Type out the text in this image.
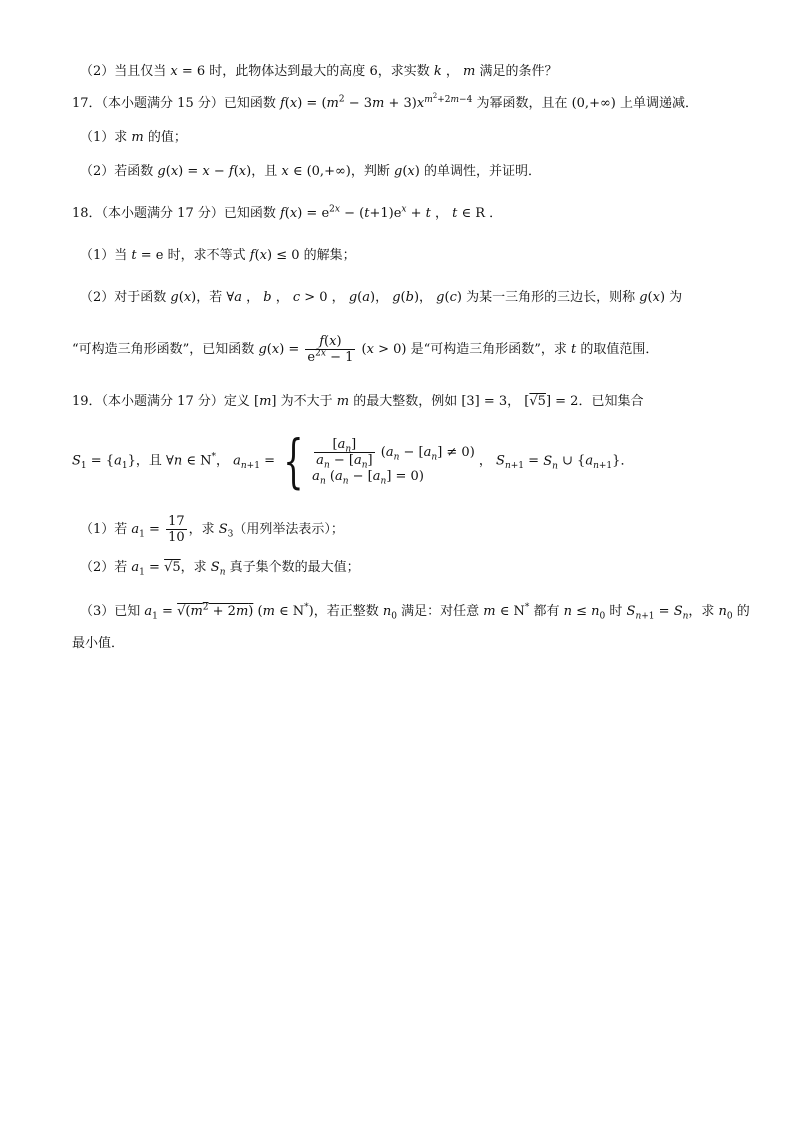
（2）当且仅当 x = 6 时，此物体达到最大的高度 6，求实数 k ， m 满足的条件？
17．（本小题满分 15 分）已知函数 $f(x) = (m^2 - 3m + 3)x^{m^2+2m-4}$ 为幂函数，且在 (0,+∞) 上单调递减．
（1）求 m 的值；
（2）若函数 g(x) = x − f(x)，且 x ∈ (0,+∞)，判断 g(x) 的单调性，并证明．
18．（本小题满分 17 分）已知函数 $f(x) = e^{2x} - (t+1)e^x + t$ ， t ∈ R ．
（1）当 t = e 时，求不等式 f(x) ≤ 0 的解集；
（2）对于函数 g(x)，若 ∀a ， b ， c > 0 ， g(a)， g(b)， g(c) 为某一三角形的三边长，则称 g(x) 为
“可构造三角形函数”，已知函数 $g(x) = \frac{f(x)}{e^{2x} - 1} (x > 0)$ 是“可构造三角形函数”，求 t 的取值范围．
19．（本小题满分 17 分）定义 [m] 为不大于 m 的最大整数，例如 [3] = 3， [√5] = 2．已知集合
$S_1 = \{a_1\}$，且 ∀n ∈ N*， $a_{n+1}$ = { $\frac{[a_n]}{a_n - [a_n]} (a_n - [a_n] \ne 0)$
$a_n$ $(a_n - [a_n] = 0)$
， $S_{n+1} = S_n$ ∪ $\{a_{n+1}\}$．
（1）若 $a_1 = \frac{17}{10}$ ，求 $S_3$（用列举法表示）；
（2）若 $a_1 = √5$，求 $S_n$ 真子集个数的最大值；
（3）已知 $a_1 = √(m^2 + 2m)$ (m ∈ N*)，若正整数 $n_0$ 满足：对任意 m ∈ N* 都有 $n \le n_0$ 时 $S_{n+1} = S_n$，求 $n_0$ 的
最小值．
